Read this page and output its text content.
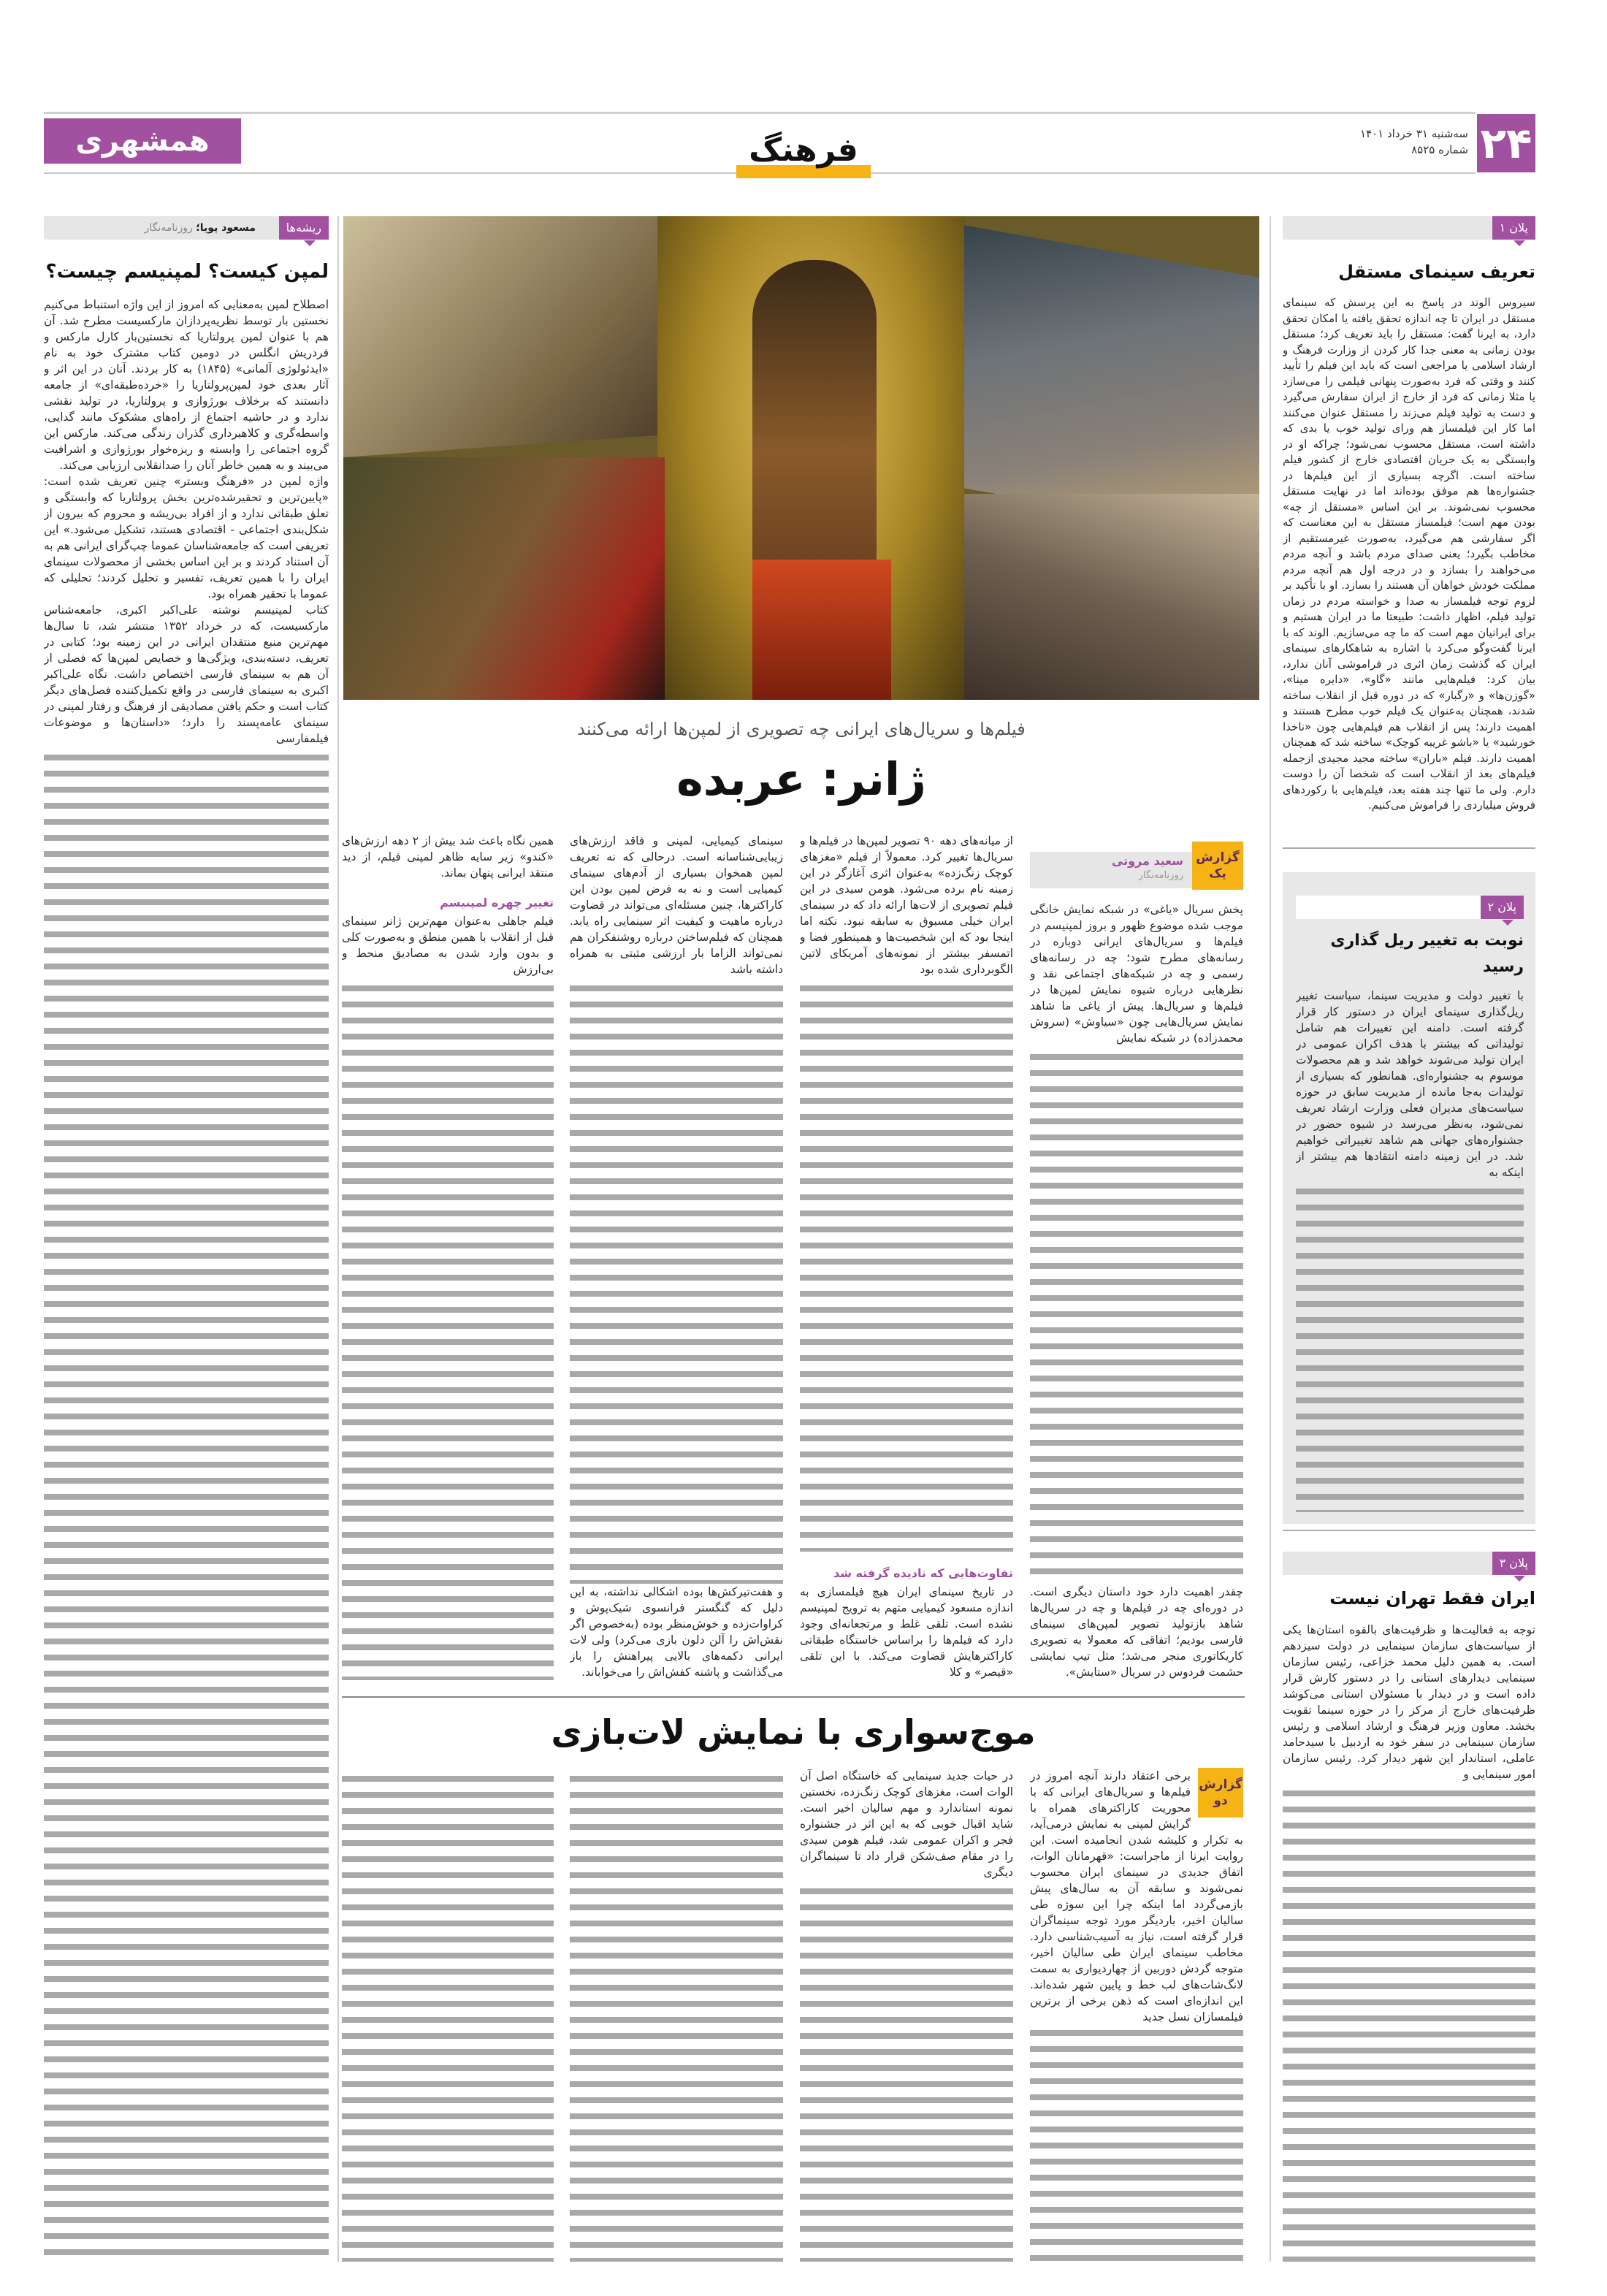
۲۴
سه‌شنبه ۳۱ خرداد ۱۴۰۱
شماره ۸۵۲۵
فرهنگ
همشهری
ریشه‌ها
مسعود پویا؛ روزنامه‌نگار
لمپن کیست؟ لمپنیسم چیست؟

اصطلاح لمپن به‌معنایی که امروز از این واژه استنباط می‌کنیم نخستین بار توسط نظریه‌پردازان مارکسیست مطرح شد. آن هم با عنوان لمپن پرولتاریا که نخستین‌بار کارل مارکس و فردریش انگلس در دومین کتاب مشترک خود به نام «ایدئولوژی آلمانی» (۱۸۴۵) به کار بردند. آنان در این اثر و آثار بعدی خود لمپن‌پرولتاریا را «خرده‌طبقه‌ای» از جامعه دانستند که برخلاف بورژوازی و پرولتاریا، در تولید نقشی ندارد و در حاشیه اجتماع از راه‌های مشکوک مانند گدایی، واسطه‌گری و کلاهبرداری گذران زندگی می‌کند. مارکس این گروه اجتماعی را وابسته و ریزه‌خوار بورژوازی و اشرافیت می‌بیند و به همین خاطر آنان را ضدانقلابی ارزیابی می‌کند.

واژه لمپن در «فرهنگ وبستر» چنین تعریف شده است: «پایین‌ترین و تحقیرشده‌ترین بخش پرولتاریا که وابستگی و تعلق طبقاتی ندارد و از افراد بی‌ریشه و محروم که بیرون از شکل‌بندی اجتماعی - اقتصادی هستند، تشکیل می‌شود.» این تعریفی است که جامعه‌شناسان عموما چپ‌گرای ایرانی هم به آن استناد کردند و بر این اساس بخشی از محصولات سینمای ایران را با همین تعریف، تفسیر و تحلیل کردند؛ تحلیلی که عموما با تحقیر همراه بود.

کتاب لمپنیسم نوشته علی‌اکبر اکبری، جامعه‌شناس مارکسیست، که در خرداد ۱۳۵۲ منتشر شد، تا سال‌ها مهم‌ترین منبع منتقدان ایرانی در این زمینه بود؛ کتابی در تعریف، دسته‌بندی، ویژگی‌ها و خصایص لمپن‌ها که فصلی از آن هم به سینمای فارسی اختصاص داشت. نگاه علی‌اکبر اکبری به سینمای فارسی در واقع تکمیل‌کننده فصل‌های دیگر کتاب است و حکم یافتن مصادیقی از فرهنگ و رفتار لمپنی در سینمای عامه‌پسند را دارد؛ «داستان‌ها و موضوعات فیلمفارسی	فیلم‌ها و سریال‌های ایرانی چه تصویری از لمپن‌ها ارائه می‌کنند
ژانر: عربده
گزارش یک
سعید مروتی
روزنامه‌نگار

پخش سریال «یاغی» در شبکه نمایش خانگی موجب شده موضوع ظهور و بروز لمپنیسم در فیلم‌ها و سریال‌های ایرانی دوباره در رسانه‌های مطرح شود؛ چه در رسانه‌های رسمی و چه در شبکه‌های اجتماعی نقد و نظرهایی درباره شیوه نمایش لمپن‌ها در فیلم‌ها و سریال‌ها. پیش از یاغی ما شاهد نمایش سریال‌هایی چون «سیاوش» (سروش محمدزاده) در شبکه نمایش

چقدر اهمیت دارد خود داستان دیگری است. در دوره‌ای چه در فیلم‌ها و چه در سریال‌ها شاهد بازتولید تصویر لمپن‌های سینمای فارسی بودیم؛ اتفاقی که معمولا به تصویری کاریکاتوری منجر می‌شد؛ مثل تیپ نمایشی حشمت فردوس در سریال «ستایش».

از میانه‌های دهه ۹۰ تصویر لمپن‌ها در فیلم‌ها و سریال‌ها تغییر کرد. معمولاً از فیلم «مغزهای کوچک زنگ‌زده» به‌عنوان اثری آغازگر در این زمینه نام برده می‌شود. هومن سیدی در این فیلم تصویری از لات‌ها ارائه داد که در سینمای ایران خیلی مسبوق به سابقه نبود. نکته اما اینجا بود که این شخصیت‌ها و همینطور فضا و اتمسفر بیشتر از نمونه‌های آمریکای لاتین الگوبرداری شده بود

تفاوت‌هایی که نادیده گرفته شد

در تاریخ سینمای ایران هیچ فیلمسازی به اندازه مسعود کیمیایی متهم به ترویج لمپنیسم نشده است. تلقی غلط و مرتجعانه‌ای وجود دارد که فیلم‌ها را براساس خاستگاه طبقاتی کاراکترهایش قضاوت می‌کند. با این تلقی «قیصر» و کلا

سینمای کیمیایی، لمپنی و فاقد ارزش‌های زیبایی‌شناسانه است. درحالی که نه تعریف لمپن همخوان بسیاری از آدم‌های سینمای کیمیایی است و نه به فرض لمپن بودن این کاراکترها، چنین مسئله‌ای می‌تواند در قضاوت درباره ماهیت و کیفیت اثر سینمایی راه یابد. همچنان که فیلم‌ساختن درباره روشنفکران هم نمی‌تواند الزاما بار ارزشی مثبتی به همراه داشته باشد

و هفت‌تیرکش‌ها بوده اشکالی نداشته، به این دلیل که گنگستر فرانسوی شیک‌پوش و کراوات‌زده و خوش‌منظر بوده (به‌خصوص اگر نقش‌اش را آلن دلون بازی می‌کرد) ولی لات ایرانی دکمه‌های بالایی پیراهنش را باز می‌گذاشت و پاشنه کفش‌اش را می‌خواباند.

همین نگاه باعث شد بیش از ۲ دهه ارزش‌های «کندو» زیر سایه ظاهر لمپنی فیلم، از دید منتقد ایرانی پنهان بماند.

تغییر چهره لمپنیسم

فیلم جاهلی به‌عنوان مهم‌ترین ژانر سینمای قبل از انقلاب با همین منطق و به‌صورت کلی و بدون وارد شدن به مصادیق منحط و بی‌ارزش

موج‌سواری با نمایش لات‌بازی
گزارش دو

برخی اعتقاد دارند آنچه امروز در فیلم‌ها و سریال‌های ایرانی که با محوریت کاراکترهای همراه با گرایش لمپنی به نمایش درمی‌آید، به تکرار و کلیشه شدن انجامیده است. این روایت ایرنا از ماجراست: «قهرمانان الوات، اتفاق جدیدی در سینمای ایران محسوب نمی‌شوند و سابقه آن به سال‌های پیش بازمی‌گردد اما اینکه چرا این سوژه طی سالیان اخیر، باردیگر مورد توجه سینماگران قرار گرفته است، نیاز به آسیب‌شناسی دارد. مخاطب سینمای ایران طی سالیان اخیر، متوجه گردش دوربین از چهاردیواری به سمت لانگ‌شات‌های لب خط و پایین شهر شده‌اند. این اندازه‌ای است که ذهن برخی از برترین فیلمسازان نسل جدید

در حیات جدید سینمایی که خاستگاه اصل آن الوات است، مغزهای کوچک زنگ‌زده، نخستین نمونه استاندارد و مهم سالیان اخیر است. شاید اقبال خوبی که به این اثر در جشنواره فجر و اکران عمومی شد، فیلم هومن سیدی را در مقام صف‌شکن قرار داد تا سینماگران دیگری

پلان ۱
تعریف سینمای مستقل

سیروس الوند در پاسخ به این پرسش که سینمای مستقل در ایران تا چه اندازه تحقق یافته یا امکان تحقق دارد، به ایرنا گفت: مستقل را باید تعریف کرد؛ مستقل بودن زمانی به معنی جدا کار کردن از وزارت فرهنگ و ارشاد اسلامی یا مراجعی است که باید این فیلم را تأیید کنند و وقتی که فرد به‌صورت پنهانی فیلمی را می‌سازد یا مثلا زمانی که فرد از خارج از ایران سفارش می‌گیرد و دست به تولید فیلم می‌زند را مستقل عنوان می‌کنند اما کار این فیلمساز هم ورای تولید خوب یا بدی که داشته است، مستقل محسوب نمی‌شود؛ چراکه او در وابستگی به یک جریان اقتصادی خارج از کشور فیلم ساخته است. اگرچه بسیاری از این فیلم‌ها در جشنواره‌ها هم موفق بوده‌اند اما در نهایت مستقل محسوب نمی‌شوند. بر این اساس «مستقل از چه» بودن مهم است؛ فیلمساز مستقل به این معناست که اگر سفارشی هم می‌گیرد، به‌صورت غیرمستقیم از مخاطب بگیرد؛ یعنی صدای مردم باشد و آنچه مردم می‌خواهند را بسازد و در درجه اول هم آنچه مردم مملکت خودش خواهان آن هستند را بسازد. او با تأکید بر لزوم توجه فیلمساز به صدا و خواسته مردم در زمان تولید فیلم، اظهار داشت: طبیعتا ما در ایران هستیم و برای ایرانیان مهم است که ما چه می‌سازیم. الوند که با ایرنا گفت‌وگو می‌کرد با اشاره به شاهکارهای سینمای ایران که گذشت زمان اثری در فراموشی آنان ندارد، بیان کرد: فیلم‌هایی مانند «گاو»، «دایره مینا»، «گوزن‌ها» و «رگبار» که در دوره قبل از انقلاب ساخته شدند، همچنان به‌عنوان یک فیلم خوب مطرح هستند و اهمیت دارند؛ پس از انقلاب هم فیلم‌هایی چون «ناخدا خورشید» یا «باشو غریبه کوچک» ساخته شد که همچنان اهمیت دارند. فیلم «باران» ساخته مجید مجیدی ازجمله فیلم‌های بعد از انقلاب است که شخصا آن را دوست دارم. ولی ما تنها چند هفته بعد، فیلم‌هایی با رکوردهای فروش میلیاردی را فراموش می‌کنیم.

پلان ۲
نوبت به تغییر ریل گذاری رسید

با تغییر دولت و مدیریت سینما، سیاست تغییر ریل‌گذاری سینمای ایران در دستور کار قرار گرفته است. دامنه این تغییرات هم شامل تولیداتی که بیشتر با هدف اکران عمومی در ایران تولید می‌شوند خواهد شد و هم محصولات موسوم به جشنواره‌ای. همانطور که بسیاری از تولیدات به‌جا مانده از مدیریت سابق در حوزه سیاست‌های مدیران فعلی وزارت ارشاد تعریف نمی‌شود، به‌نظر می‌رسد در شیوه حضور در جشنواره‌های جهانی هم شاهد تغییراتی خواهیم شد. در این زمینه دامنه انتقادها هم بیشتر از اینکه به

پلان ۳
ایران فقط تهران نیست

توجه به فعالیت‌ها و ظرفیت‌های بالقوه استان‌ها یکی از سیاست‌های سازمان سینمایی در دولت سیزدهم است. به همین دلیل محمد خزاعی، رئیس سازمان سینمایی دیدارهای استانی را در دستور کارش قرار داده است و در دیدار با مسئولان استانی می‌کوشد ظرفیت‌های خارج از مرکز را در حوزه سینما تقویت بخشد. معاون وزیر فرهنگ و ارشاد اسلامی و رئیس سازمان سینمایی در سفر خود به اردبیل با سیدحامد عاملی، استاندار این شهر دیدار کرد. رئیس سازمان امور سینمایی و
